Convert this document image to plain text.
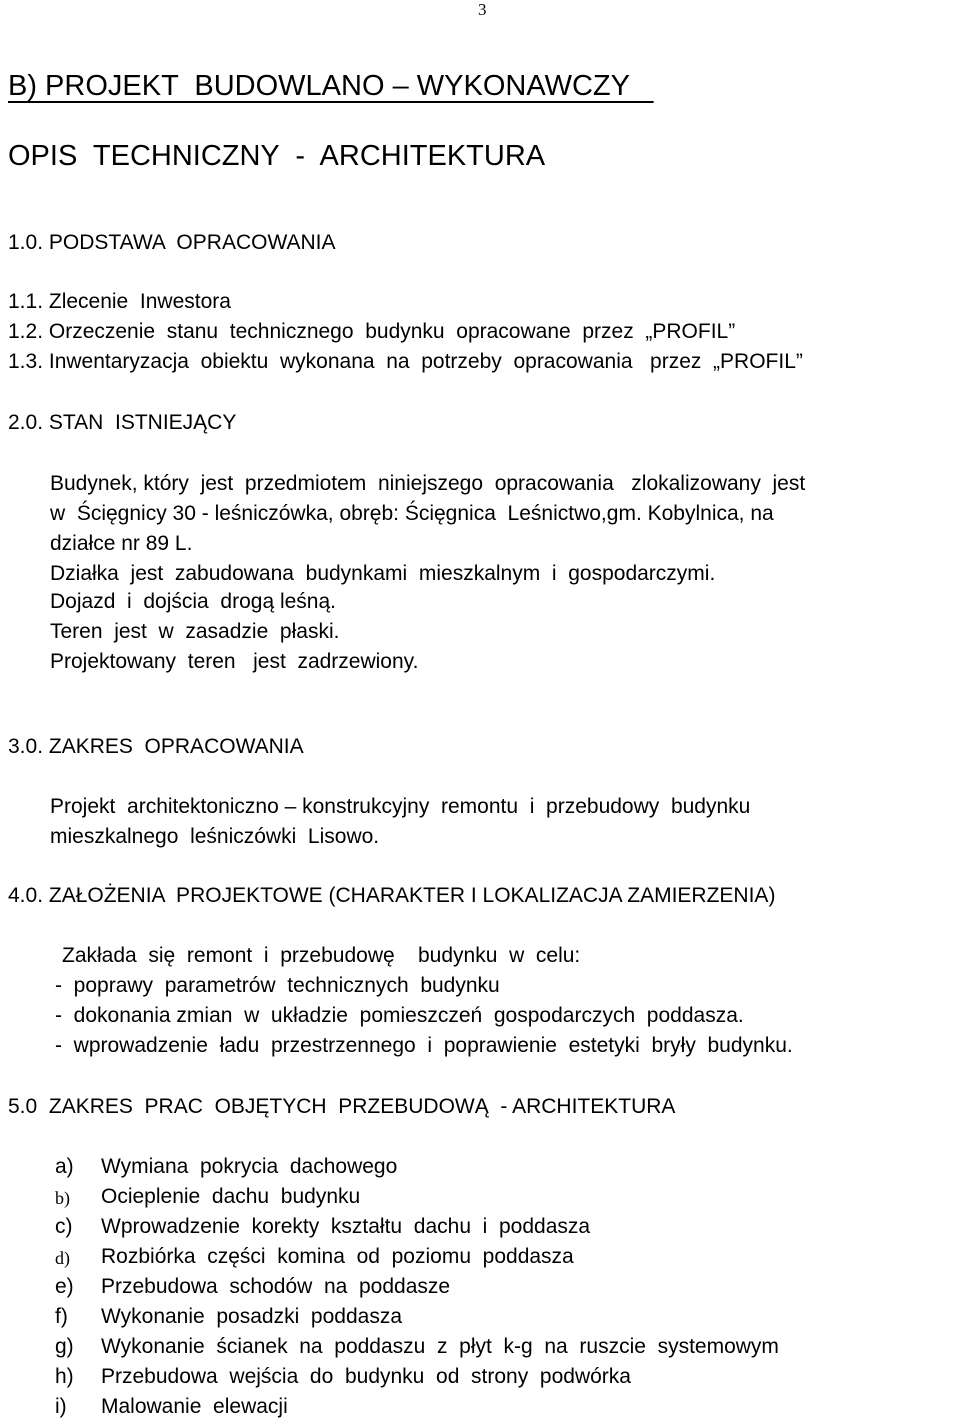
3
B) PROJEKT  BUDOWLANO – WYKONAWCZY
OPIS  TECHNICZNY  -  ARCHITEKTURA
1.0. PODSTAWA  OPRACOWANIA
1.1. Zlecenie  Inwestora
1.2. Orzeczenie  stanu  technicznego  budynku  opracowane  przez  „PROFIL”
1.3. Inwentaryzacja  obiektu  wykonana  na  potrzeby  opracowania   przez  „PROFIL”
2.0. STAN  ISTNIEJĄCY
Budynek, który  jest  przedmiotem  niniejszego  opracowania   zlokalizowany  jest
w  Ścięgnicy 30 - leśniczówka, obręb: Ścięgnica  Leśnictwo,gm. Kobylnica, na
działce nr 89 L.
Działka  jest  zabudowana  budynkami  mieszkalnym  i  gospodarczymi.
Dojazd  i  dojścia  drogą leśną.
Teren  jest  w  zasadzie  płaski.
Projektowany  teren   jest  zadrzewiony.
3.0. ZAKRES  OPRACOWANIA
Projekt  architektoniczno – konstrukcyjny  remontu  i  przebudowy  budynku
mieszkalnego  leśniczówki  Lisowo.
4.0. ZAŁOŻENIA  PROJEKTOWE (CHARAKTER I LOKALIZACJA ZAMIERZENIA)
Zakłada  się  remont  i  przebudowę    budynku  w  celu:
-  poprawy  parametrów  technicznych  budynku
-  dokonania zmian  w  układzie  pomieszczeń  gospodarczych  poddasza.
-  wprowadzenie  ładu  przestrzennego  i  poprawienie  estetyki  bryły  budynku.
5.0  ZAKRES  PRAC  OBJĘTYCH  PRZEBUDOWĄ  - ARCHITEKTURA
a) Wymiana  pokrycia  dachowego
b) Ocieplenie  dachu  budynku
c) Wprowadzenie  korekty  kształtu  dachu  i  poddasza
d) Rozbiórka  części  komina  od  poziomu  poddasza
e) Przebudowa  schodów  na  poddasze
f) Wykonanie  posadzki  poddasza
g) Wykonanie  ścianek  na  poddaszu  z  płyt  k-g  na  ruszcie  systemowym
h) Przebudowa  wejścia  do  budynku  od  strony  podwórka
i) Malowanie  elewacji
